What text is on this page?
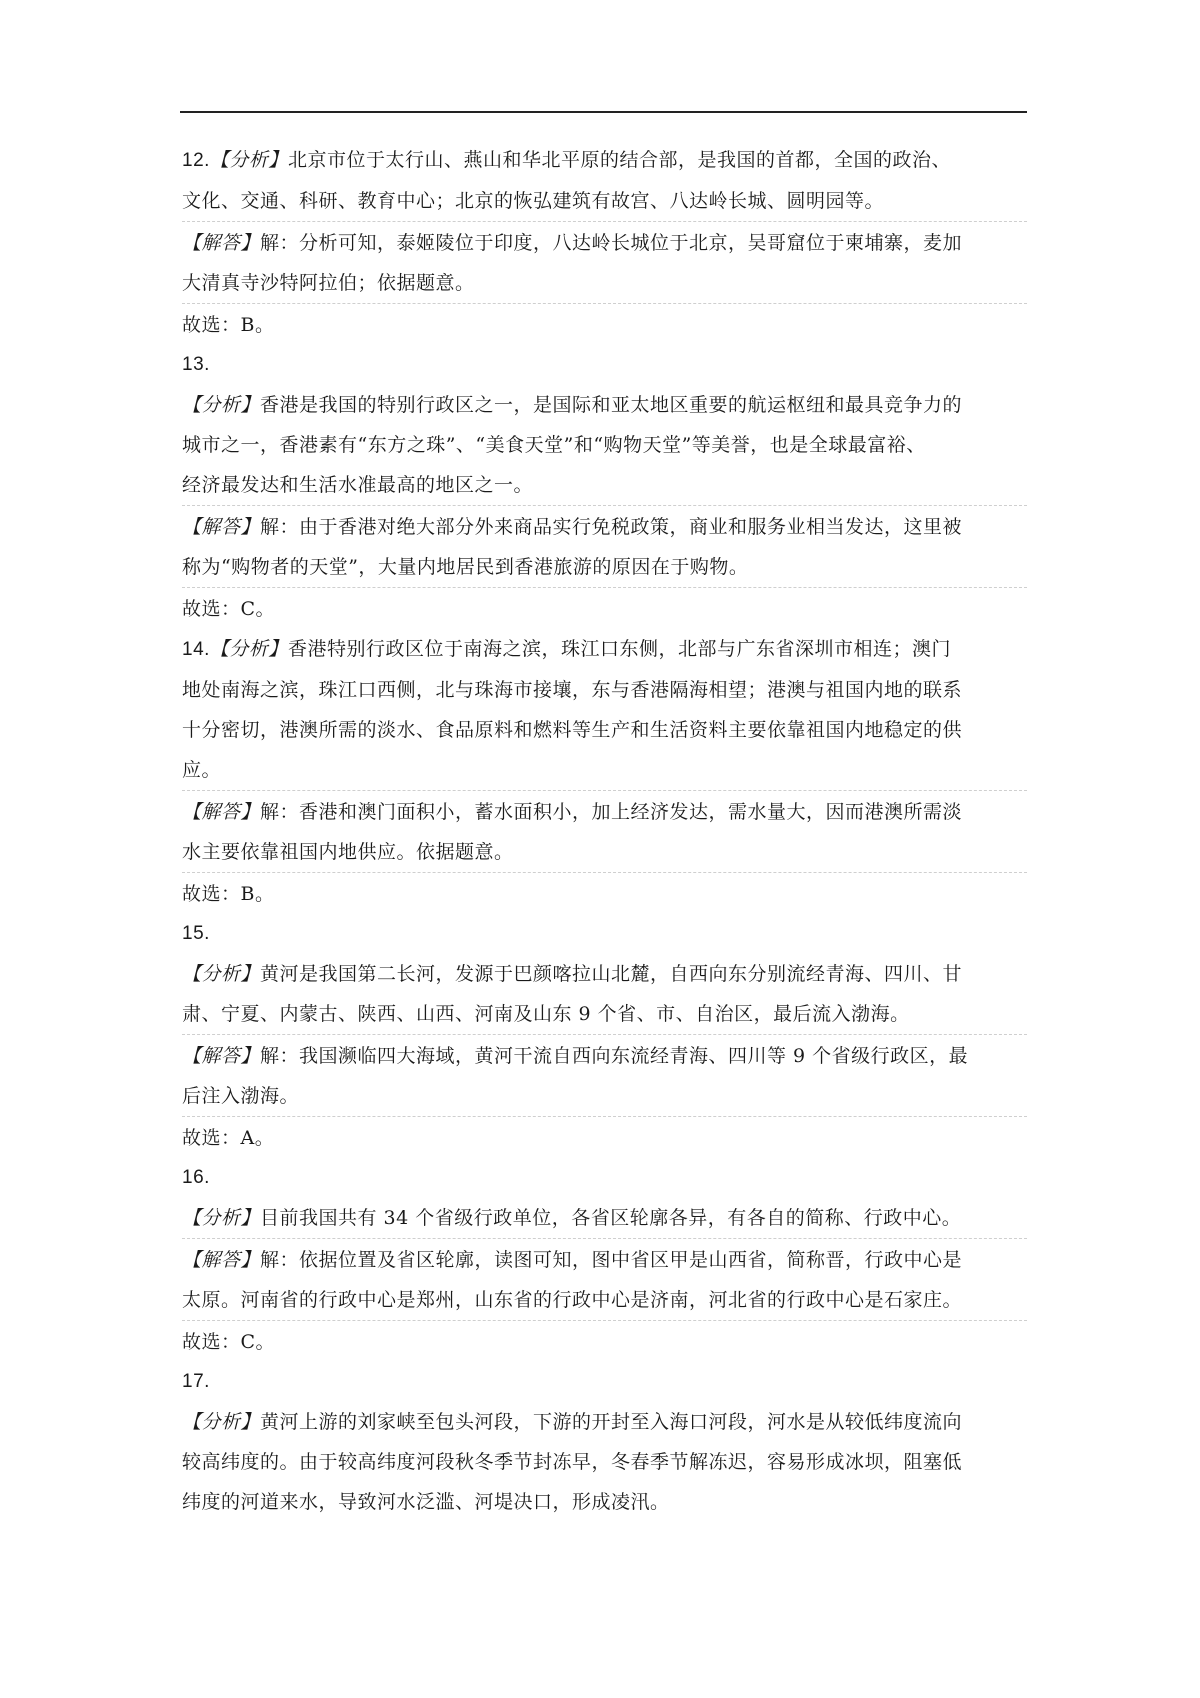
12.【分析】北京市位于太行山、燕山和华北平原的结合部，是我国的首都，全国的政治、
文化、交通、科研、教育中心；北京的恢弘建筑有故宫、八达岭长城、圆明园等。
【解答】解：分析可知，泰姬陵位于印度，八达岭长城位于北京，吴哥窟位于柬埔寨，麦加
大清真寺沙特阿拉伯；依据题意。
故选：B。
13.
【分析】香港是我国的特别行政区之一，是国际和亚太地区重要的航运枢纽和最具竞争力的
城市之一，香港素有“东方之珠”、“美食天堂”和“购物天堂”等美誉，也是全球最富裕、
经济最发达和生活水准最高的地区之一。
【解答】解：由于香港对绝大部分外来商品实行免税政策，商业和服务业相当发达，这里被
称为“购物者的天堂”，大量内地居民到香港旅游的原因在于购物。
故选：C。
14.【分析】香港特别行政区位于南海之滨，珠江口东侧，北部与广东省深圳市相连；澳门
地处南海之滨，珠江口西侧，北与珠海市接壤，东与香港隔海相望；港澳与祖国内地的联系
十分密切，港澳所需的淡水、食品原料和燃料等生产和生活资料主要依靠祖国内地稳定的供
应。
【解答】解：香港和澳门面积小，蓄水面积小，加上经济发达，需水量大，因而港澳所需淡
水主要依靠祖国内地供应。依据题意。
故选：B。
15.
【分析】黄河是我国第二长河，发源于巴颜喀拉山北麓，自西向东分别流经青海、四川、甘
肃、宁夏、内蒙古、陕西、山西、河南及山东 9 个省、市、自治区，最后流入渤海。
【解答】解：我国濒临四大海域，黄河干流自西向东流经青海、四川等 9 个省级行政区，最
后注入渤海。
故选：A。
16.
【分析】目前我国共有 34 个省级行政单位，各省区轮廓各异，有各自的简称、行政中心。
【解答】解：依据位置及省区轮廓，读图可知，图中省区甲是山西省，简称晋，行政中心是
太原。河南省的行政中心是郑州，山东省的行政中心是济南，河北省的行政中心是石家庄。
故选：C。
17.
【分析】黄河上游的刘家峡至包头河段，下游的开封至入海口河段，河水是从较低纬度流向
较高纬度的。由于较高纬度河段秋冬季节封冻早，冬春季节解冻迟，容易形成冰坝，阻塞低
纬度的河道来水，导致河水泛滥、河堤决口，形成凌汛。
